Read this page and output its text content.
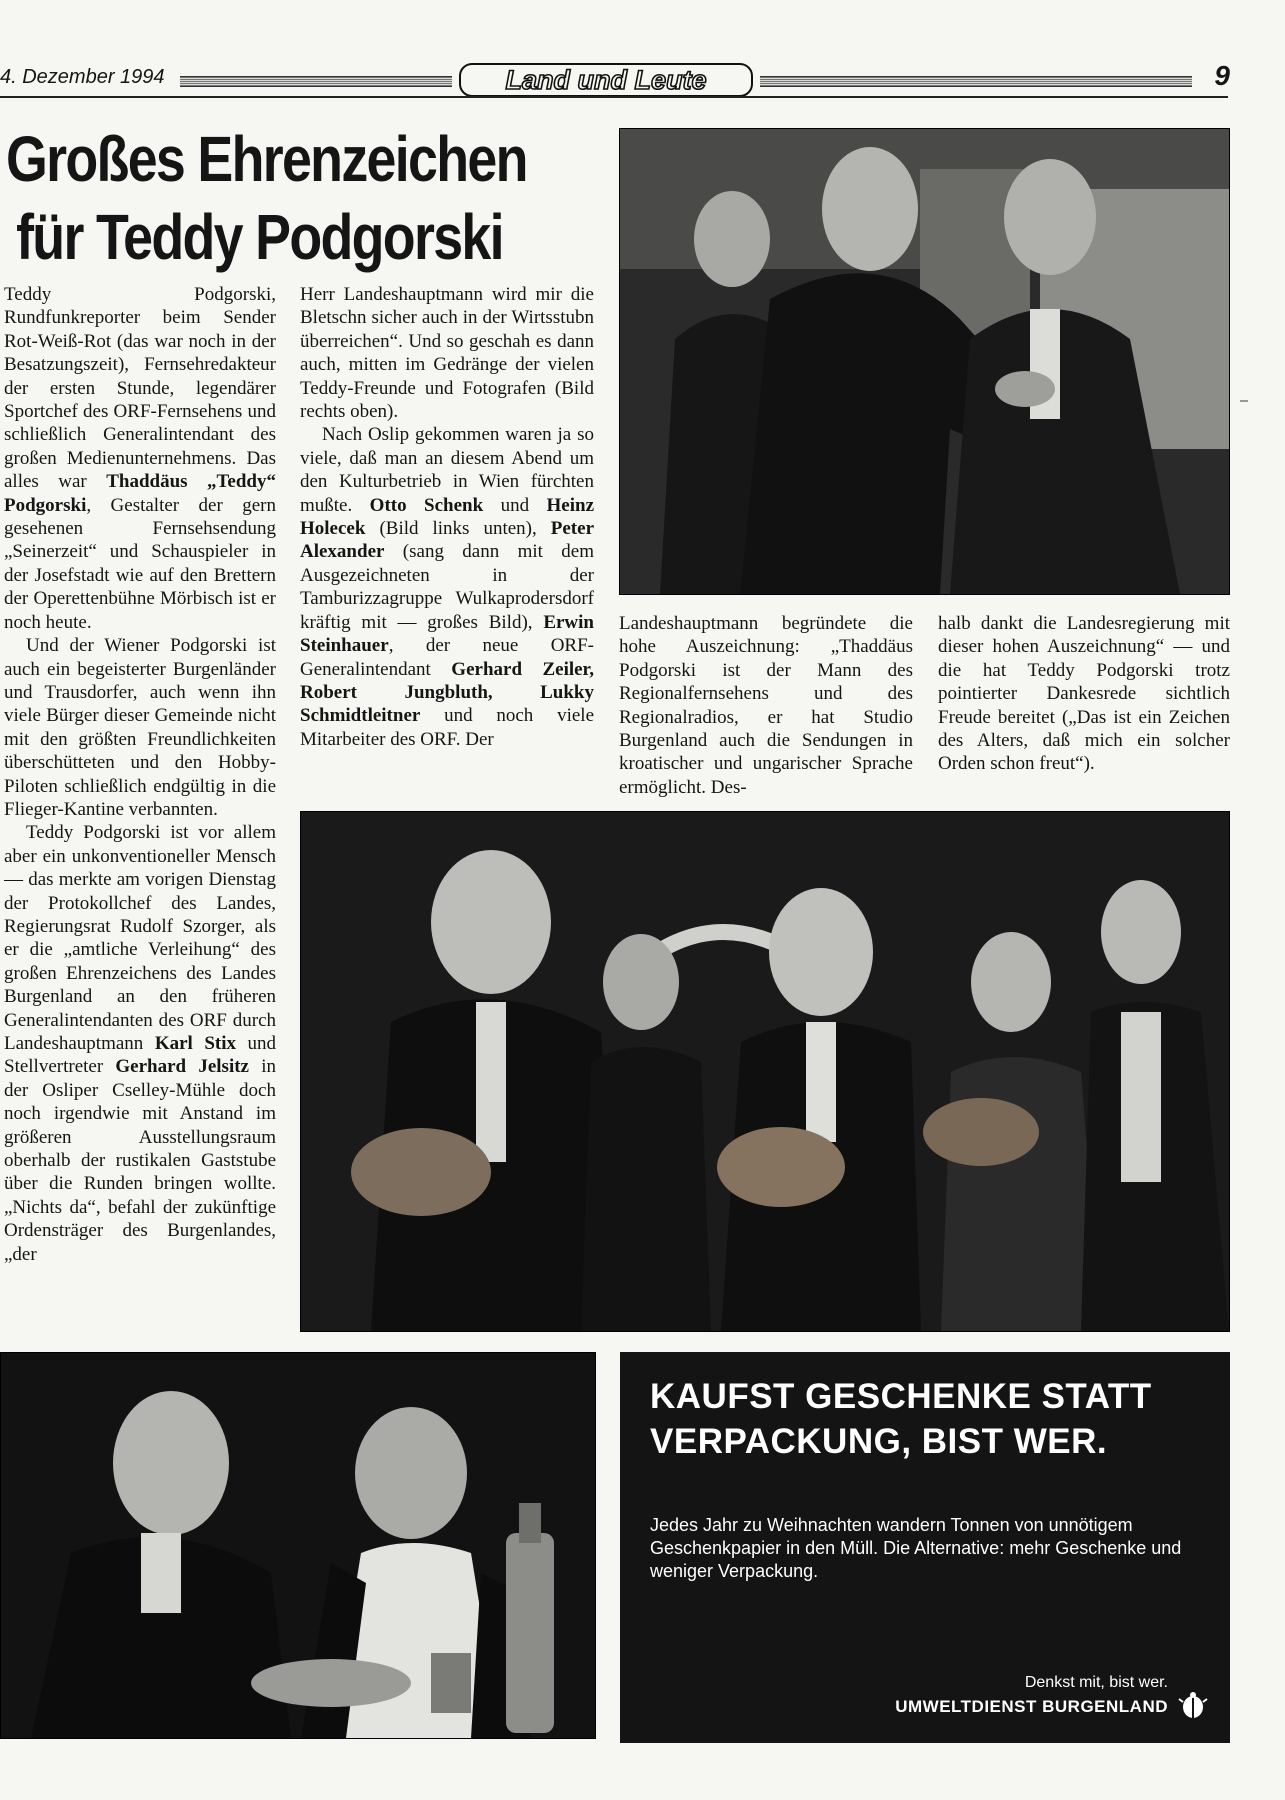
4. Dezember 1994	Land und Leute	9
Großes Ehrenzeichen
für Teddy Podgorski

Teddy Podgorski, Rundfunkreporter beim Sender Rot-Weiß-Rot (das war noch in der Besatzungszeit), Fernsehredakteur der ersten Stunde, legendärer Sportchef des ORF-Fernsehens und schließlich Generalintendant des großen Medienunternehmens. Das alles war Thaddäus „Teddy“ Podgorski, Gestalter der gern gesehenen Fernsehsendung „Seinerzeit“ und Schauspieler in der Josefstadt wie auf den Brettern der Operettenbühne Mörbisch ist er noch heute.

Und der Wiener Podgorski ist auch ein begeisterter Burgenländer und Trausdorfer, auch wenn ihn viele Bürger dieser Gemeinde nicht mit den größten Freundlichkeiten überschütteten und den Hobby-Piloten schließlich endgültig in die Flieger-Kantine verbannten.

Teddy Podgorski ist vor allem aber ein unkonventioneller Mensch — das merkte am vorigen Dienstag der Protokollchef des Landes, Regierungsrat Rudolf Szorger, als er die „amtliche Verleihung“ des großen Ehrenzeichens des Landes Burgenland an den früheren Generalintendanten des ORF durch Landeshauptmann Karl Stix und Stellvertreter Gerhard Jelsitz in der Osliper Cselley-Mühle doch noch irgendwie mit Anstand im größeren Ausstellungsraum oberhalb der rustikalen Gaststube über die Runden bringen wollte. „Nichts da“, befahl der zukünftige Ordensträger des Burgenlandes, „der

Herr Landeshauptmann wird mir die Bletschn sicher auch in der Wirtsstubn überreichen“. Und so geschah es dann auch, mitten im Gedränge der vielen Teddy-Freunde und Fotografen (Bild rechts oben).

Nach Oslip gekommen waren ja so viele, daß man an diesem Abend um den Kulturbetrieb in Wien fürchten mußte. Otto Schenk und Heinz Holecek (Bild links unten), Peter Alexander (sang dann mit dem Ausgezeichneten in der Tamburizzagruppe Wulkaprodersdorf kräftig mit — großes Bild), Erwin Steinhauer, der neue ORF-Generalintendant Gerhard Zeiler, Robert Jungbluth, Lukky Schmidtleitner und noch viele Mitarbeiter des ORF. Der

Landeshauptmann begründete die hohe Auszeichnung: „Thaddäus Podgorski ist der Mann des Regionalfernsehens und des Regionalradios, er hat Studio Burgenland auch die Sendungen in kroatischer und ungarischer Sprache ermöglicht. Des-

halb dankt die Landesregierung mit dieser hohen Auszeichnung“ — und die hat Teddy Podgorski trotz pointierter Dankesrede sichtlich Freude bereitet („Das ist ein Zeichen des Alters, daß mich ein solcher Orden schon freut“).

KAUFST GESCHENKE STATT
VERPACKUNG, BIST WER.
Jedes Jahr zu Weihnachten wandern Tonnen von unnötigem Geschenkpapier in den Müll. Die Alternative: mehr Geschenke und weniger Verpackung.
Denkst mit, bist wer.
UMWELTDIENST BURGENLAND
